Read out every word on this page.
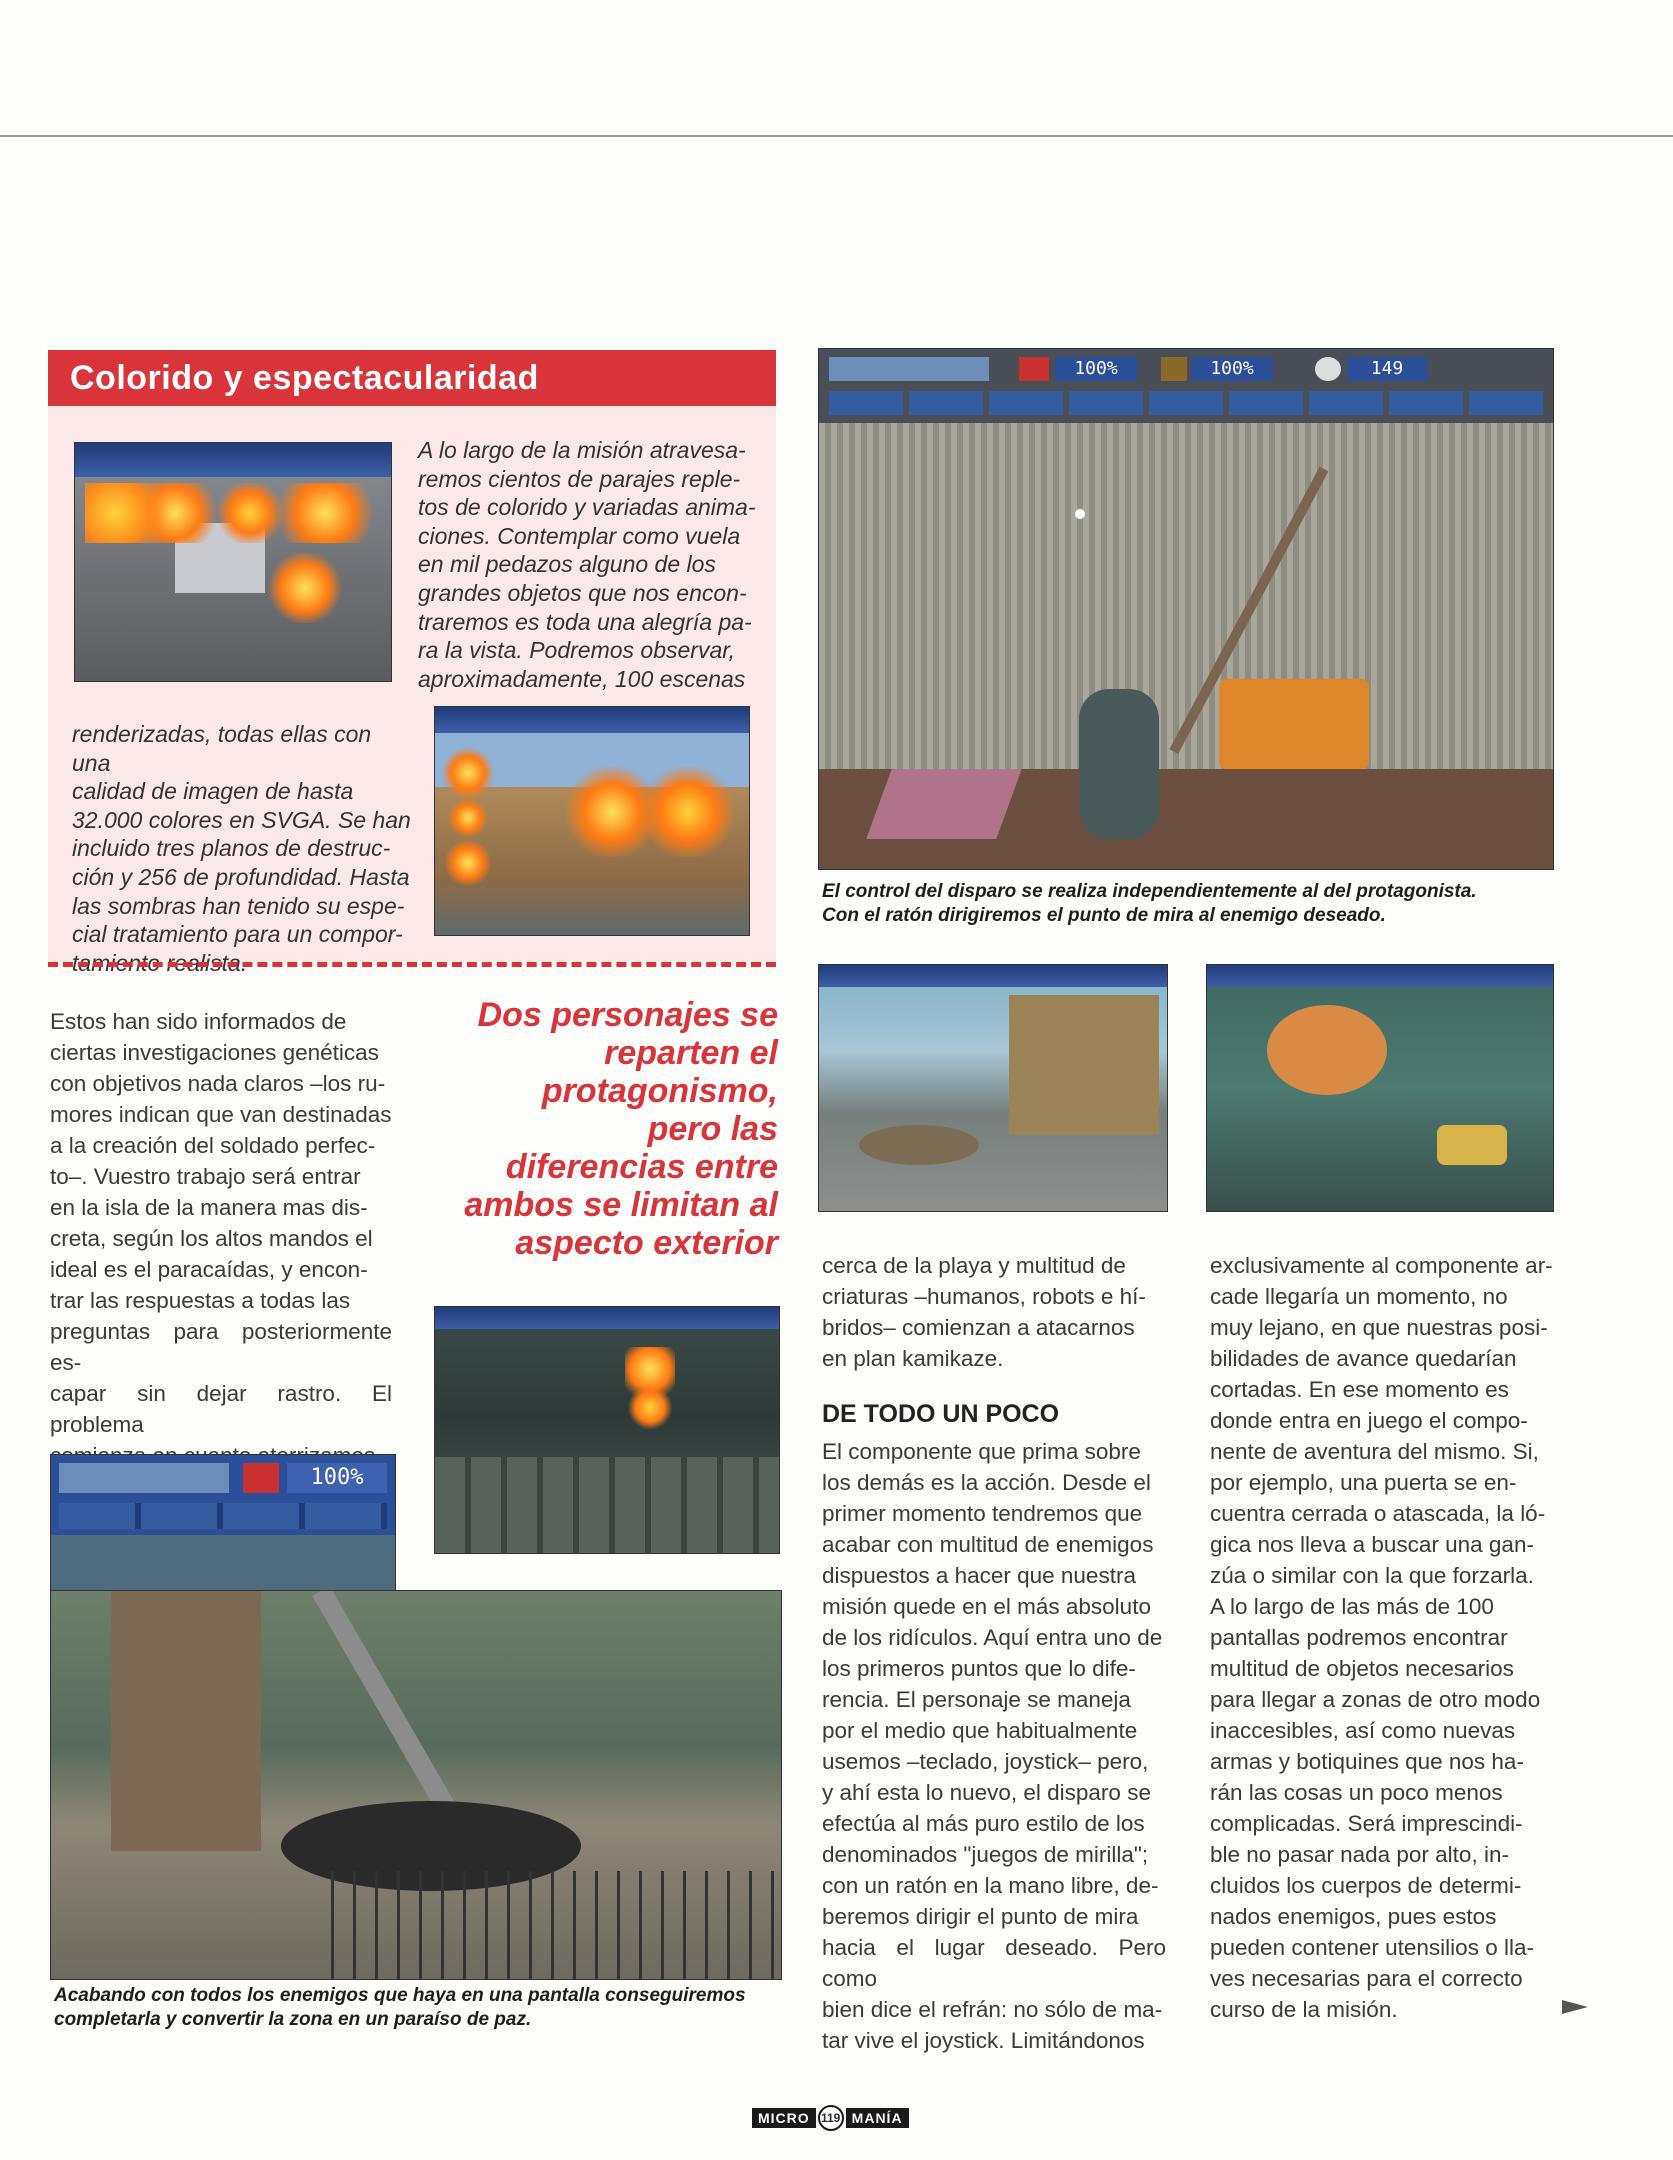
Colorido y espectacularidad

A lo largo de la misión atravesa-

remos cientos de parajes reple-

tos de colorido y variadas anima-

ciones. Contemplar como vuela

en mil pedazos alguno de los

grandes objetos que nos encon-

traremos es toda una alegría pa-

ra la vista. Podremos observar,

aproximadamente, 100 escenas

renderizadas, todas ellas con una

calidad de imagen de hasta

32.000 colores en SVGA. Se han

incluido tres planos de destruc-

ción y 256 de profundidad. Hasta

las sombras han tenido su espe-

cial tratamiento para un compor-

tamiento realista.

100%	100%	149

El control del disparo se realiza independientemente al del protagonista.

Con el ratón dirigiremos el punto de mira al enemigo deseado.

Estos han sido informados de

ciertas investigaciones genéticas

con objetivos nada claros –los ru-

mores indican que van destinadas

a la creación del soldado perfec-

to–. Vuestro trabajo será entrar

en la isla de la manera mas dis-

creta, según los altos mandos el

ideal es el paracaídas, y encon-

trar las respuestas a todas las

preguntas para posteriormente es-

capar sin dejar rastro. El problema

Dos personajes se

reparten el

protagonismo,

pero las

diferencias entre

ambos se limitan al

aspecto exterior

100%

Acabando con todos los enemigos que haya en una pantalla conseguiremos

completarla y convertir la zona en un paraíso de paz.

cerca de la playa y multitud de

criaturas –humanos, robots e hí-

bridos– comienzan a atacarnos

en plan kamikaze.

DE TODO UN POCO

El componente que prima sobre

los demás es la acción. Desde el

primer momento tendremos que

acabar con multitud de enemigos

dispuestos a hacer que nuestra

misión quede en el más absoluto

de los ridículos. Aquí entra uno de

los primeros puntos que lo dife-

rencia. El personaje se maneja

por el medio que habitualmente

usemos –teclado, joystick– pero,

y ahí esta lo nuevo, el disparo se

efectúa al más puro estilo de los

denominados "juegos de mirilla";

con un ratón en la mano libre, de-

beremos dirigir el punto de mira

hacia el lugar deseado. Pero como

bien dice el refrán: no sólo de ma-

tar vive el joystick. Limitándonos

exclusivamente al componente ar-

cade llegaría un momento, no

muy lejano, en que nuestras posi-

bilidades de avance quedarían

cortadas. En ese momento es

donde entra en juego el compo-

nente de aventura del mismo. Si,

por ejemplo, una puerta se en-

cuentra cerrada o atascada, la ló-

gica nos lleva a buscar una gan-

zúa o similar con la que forzarla.

A lo largo de las más de 100

pantallas podremos encontrar

multitud de objetos necesarios

para llegar a zonas de otro modo

inaccesibles, así como nuevas

armas y botiquines que nos ha-

rán las cosas un poco menos

complicadas. Será imprescindi-

ble no pasar nada por alto, in-

cluidos los cuerpos de determi-

nados enemigos, pues estos

pueden contener utensilios o lla-

ves necesarias para el correcto

curso de la misión.

MICRO 119 MANÍA
